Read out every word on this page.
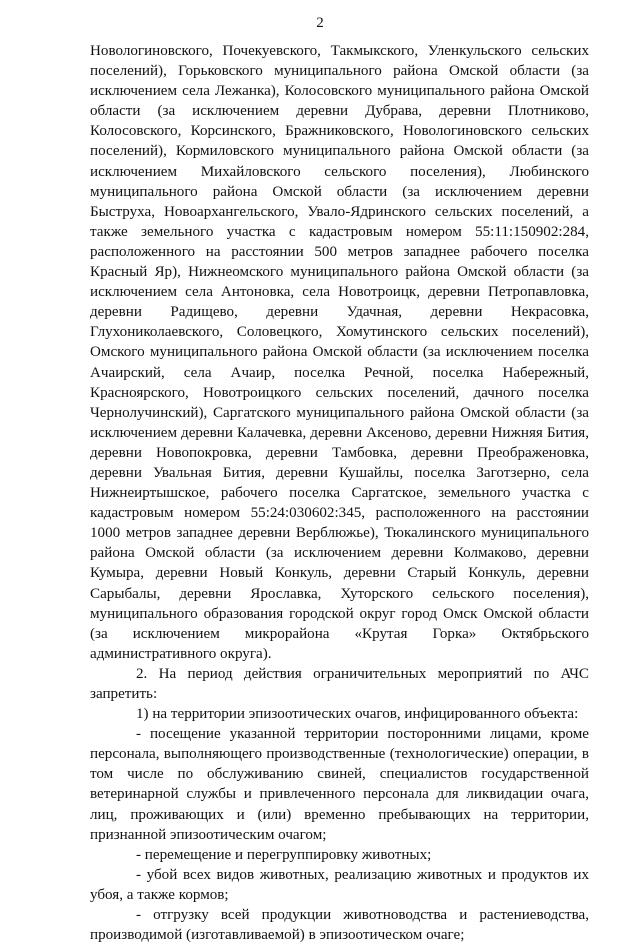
2

Новологиновского, Почекуевского, Такмыкского, Уленкульского сельских поселений), Горьковского муниципального района Омской области (за исключением села Лежанка), Колосовского муниципального района Омской области (за исключением деревни Дубрава, деревни Плотниково, Колосовского, Корсинского, Бражниковского, Новологиновского сельских поселений), Кормиловского муниципального района Омской области (за исключением Михайловского сельского поселения), Любинского муниципального района Омской области (за исключением деревни Быструха, Новоархангельского, Увало-Ядринского сельских поселений, а также земельного участка с кадастровым номером 55:11:150902:284, расположенного на расстоянии 500 метров западнее рабочего поселка Красный Яр), Нижнеомского муниципального района Омской области (за исключением села Антоновка, села Новотроицк, деревни Петропавловка, деревни Радищево, деревни Удачная, деревни Некрасовка, Глухониколаевского, Соловецкого, Хомутинского сельских поселений), Омского муниципального района Омской области (за исключением поселка Ачаирский, села Ачаир, поселка Речной, поселка Набережный, Красноярского, Новотроицкого сельских поселений, дачного поселка Чернолучинский), Саргатского муниципального района Омской области (за исключением деревни Калачевка, деревни Аксеново, деревни Нижняя Бития, деревни Новопокровка, деревни Тамбовка, деревни Преображеновка, деревни Увальная Бития, деревни Кушайлы, поселка Заготзерно, села Нижнеиртышское, рабочего поселка Саргатское, земельного участка с кадастровым номером 55:24:030602:345, расположенного на расстоянии 1000 метров западнее деревни Верблюжье), Тюкалинского муниципального района Омской области (за исключением деревни Колмаково, деревни Кумыра, деревни Новый Конкуль, деревни Старый Конкуль, деревни Сарыбалы, деревни Ярославка, Хуторского сельского поселения), муниципального образования городской округ город Омск Омской области (за исключением микрорайона «Крутая Горка» Октябрьского административного округа).

2. На период действия ограничительных мероприятий по АЧС запретить:

1) на территории эпизоотических очагов, инфицированного объекта:

- посещение указанной территории посторонними лицами, кроме персонала, выполняющего производственные (технологические) операции, в том числе по обслуживанию свиней, специалистов государственной ветеринарной службы и привлеченного персонала для ликвидации очага, лиц, проживающих и (или) временно пребывающих на территории, признанной эпизоотическим очагом;

- перемещение и перегруппировку животных;

- убой всех видов животных, реализацию животных и продуктов их убоя, а также кормов;

- отгрузку всей продукции животноводства и растениеводства, производимой (изготавливаемой) в эпизоотическом очаге;
